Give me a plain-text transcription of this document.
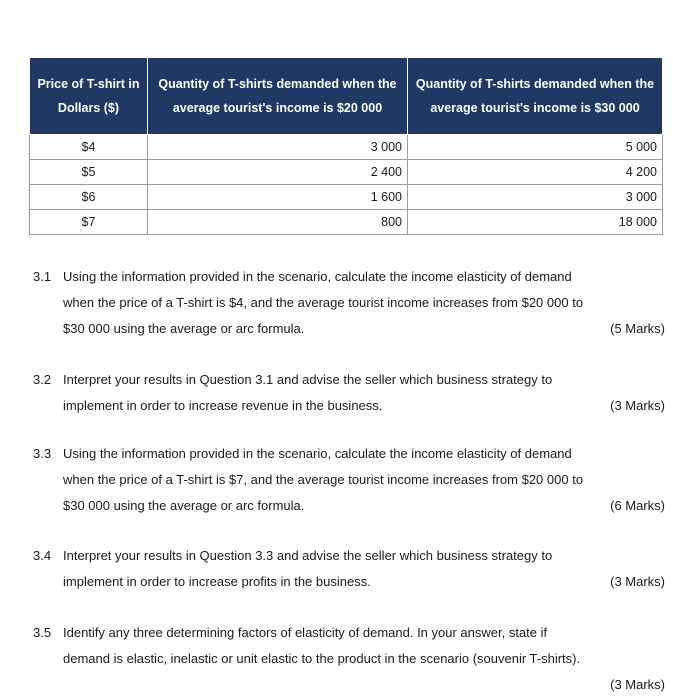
Price of T-shirt in Dollars ($)	Quantity of T-shirts demanded when the average tourist's income is $20 000	Quantity of T-shirts demanded when the average tourist's income is $30 000
$4	3 000	5 000
$5	2 400	4 200
$6	1 600	3 000
$7	800	18 000
3.1 Using the information provided in the scenario, calculate the income elasticity of demand
when the price of a T-shirt is $4, and the average tourist income increases from $20 000 to
$30 000 using the average or arc formula.	(5 Marks)
3.2 Interpret your results in Question 3.1 and advise the seller which business strategy to
implement in order to increase revenue in the business.	(3 Marks)
3.3 Using the information provided in the scenario, calculate the income elasticity of demand
when the price of a T-shirt is $7, and the average tourist income increases from $20 000 to
$30 000 using the average or arc formula.	(6 Marks)
3.4 Interpret your results in Question 3.3 and advise the seller which business strategy to
implement in order to increase profits in the business.	(3 Marks)
3.5 Identify any three determining factors of elasticity of demand. In your answer, state if
demand is elastic, inelastic or unit elastic to the product in the scenario (souvenir T-shirts).
(3 Marks)
